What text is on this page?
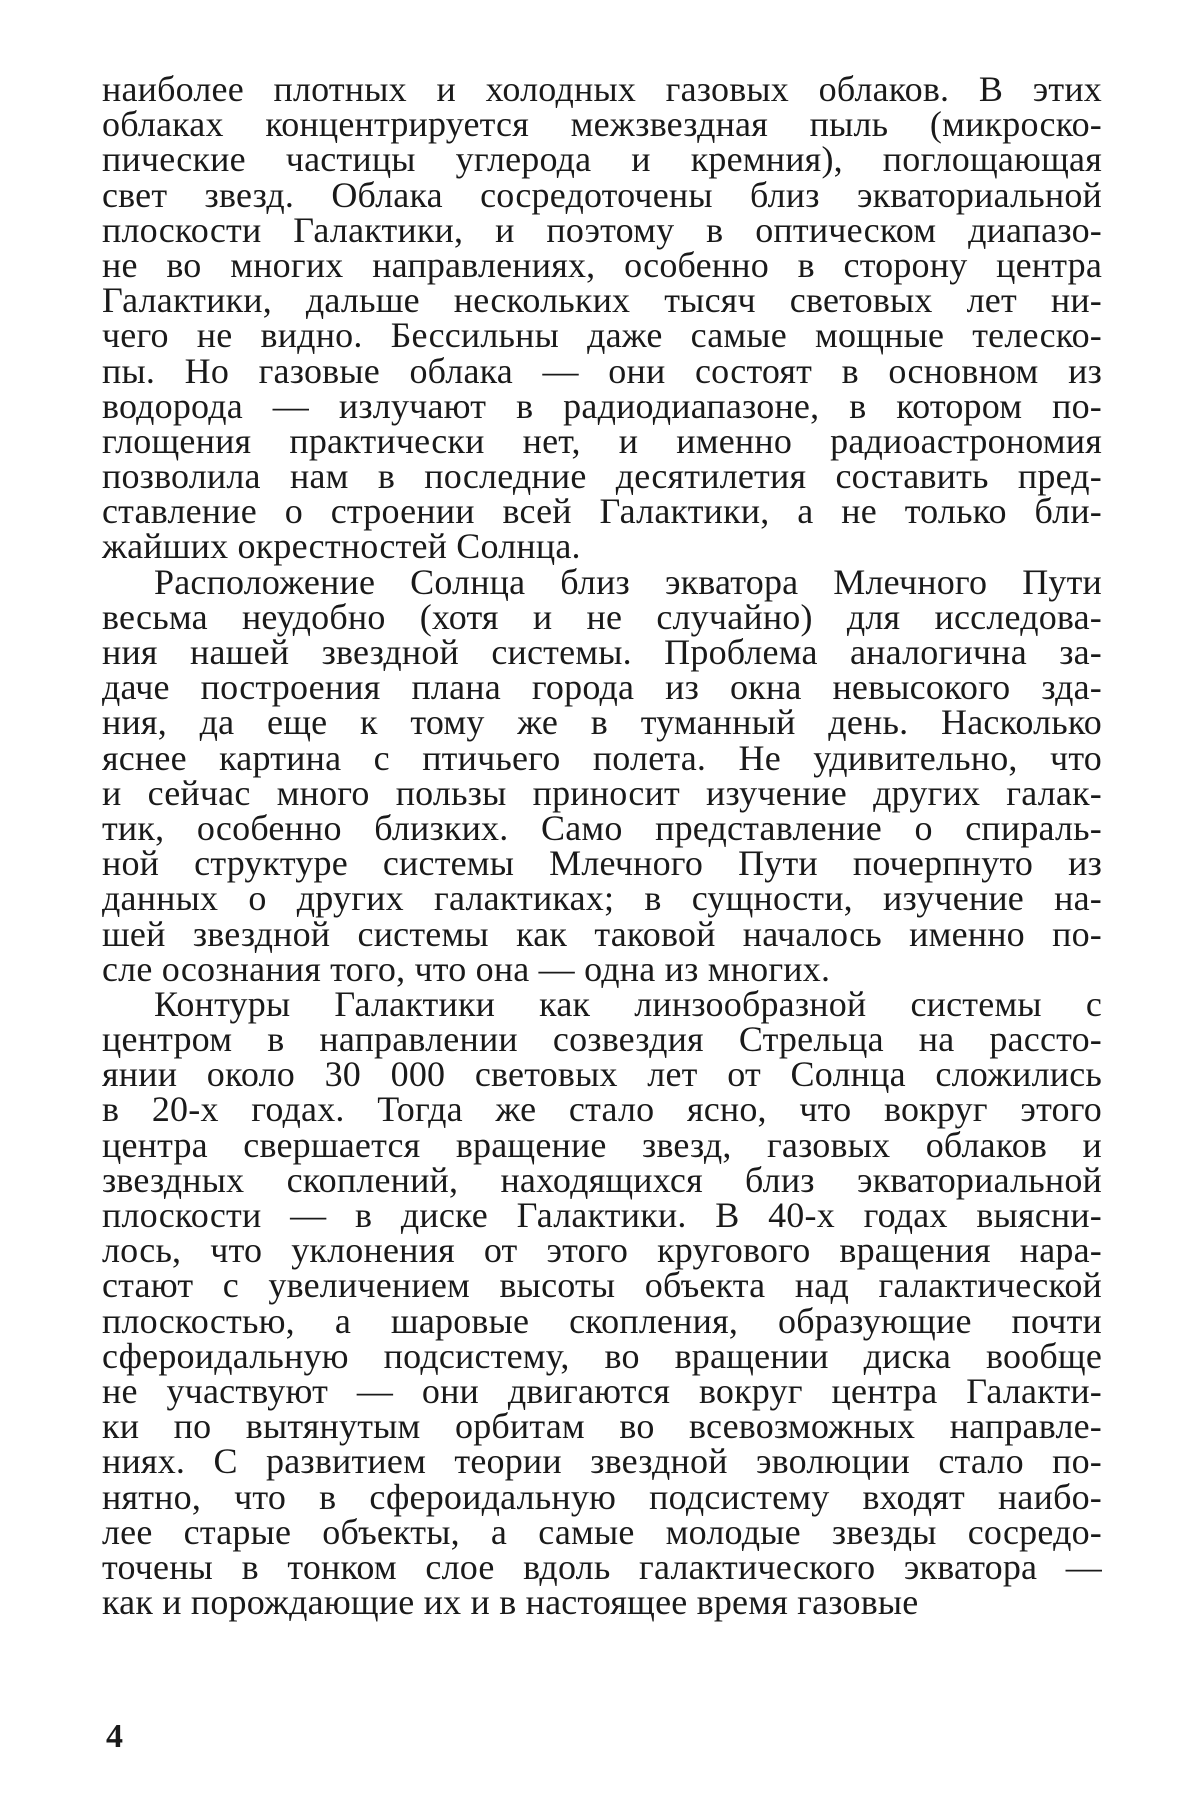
наиболее плотных и холодных газовых облаков. В этих
облаках концентрируется межзвездная пыль (микроско-
пические частицы углерода и кремния), поглощающая
свет звезд. Облака сосредоточены близ экваториальной
плоскости Галактики, и поэтому в оптическом диапазо-
не во многих направлениях, особенно в сторону центра
Галактики, дальше нескольких тысяч световых лет ни-
чего не видно. Бессильны даже самые мощные телеско-
пы. Но газовые облака — они состоят в основном из
водорода — излучают в радиодиапазоне, в котором по-
глощения практически нет, и именно радиоастрономия
позволила нам в последние десятилетия составить пред-
ставление о строении всей Галактики, а не только бли-
жайших окрестностей Солнца.
Расположение Солнца близ экватора Млечного Пути
весьма неудобно (хотя и не случайно) для исследова-
ния нашей звездной системы. Проблема аналогична за-
даче построения плана города из окна невысокого зда-
ния, да еще к тому же в туманный день. Насколько
яснее картина с птичьего полета. Не удивительно, что
и сейчас много пользы приносит изучение других галак-
тик, особенно близких. Само представление о спираль-
ной структуре системы Млечного Пути почерпнуто из
данных о других галактиках; в сущности, изучение на-
шей звездной системы как таковой началось именно по-
сле осознания того, что она — одна из многих.
Контуры Галактики как линзообразной системы с
центром в направлении созвездия Стрельца на рассто-
янии около 30 000 световых лет от Солнца сложились
в 20-х годах. Тогда же стало ясно, что вокруг этого
центра свершается вращение звезд, газовых облаков и
звездных скоплений, находящихся близ экваториальной
плоскости — в диске Галактики. В 40-х годах выясни-
лось, что уклонения от этого кругового вращения нара-
стают с увеличением высоты объекта над галактической
плоскостью, а шаровые скопления, образующие почти
сфероидальную подсистему, во вращении диска вообще
не участвуют — они двигаются вокруг центра Галакти-
ки по вытянутым орбитам во всевозможных направле-
ниях. С развитием теории звездной эволюции стало по-
нятно, что в сфероидальную подсистему входят наибо-
лее старые объекты, а самые молодые звезды сосредо-
точены в тонком слое вдоль галактического экватора —
как и порождающие их и в настоящее время газовые
4
